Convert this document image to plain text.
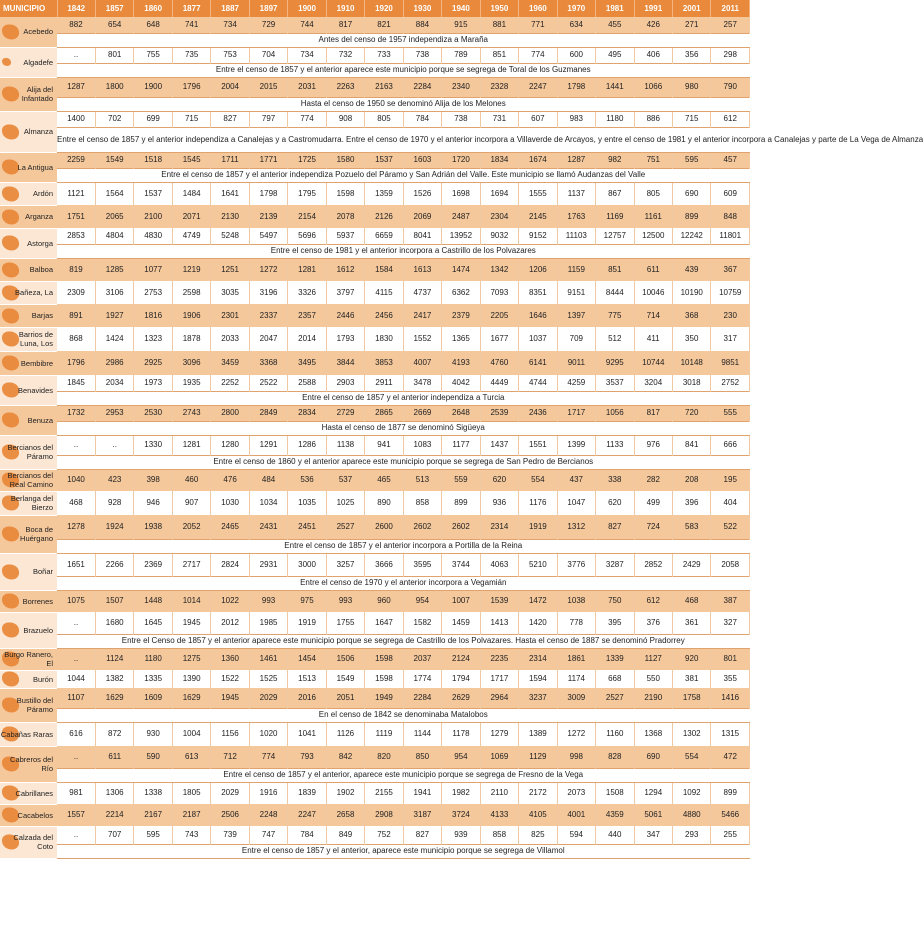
MUNICIPIO	1842	1857	1860	1877	1887	1897	1900	1910	1920	1930	1940	1950	1960	1970	1981	1991	2001	2011

Acebedo	882	654	648	741	734	729	744	817	821	884	915	881	771	634	455	426	271	257
	Antes del censo de 1957 independiza a Maraña																	

Algadefe	..	801	755	735	753	704	734	732	733	738	789	851	774	600	495	406	356	298
	Entre el censo de 1857 y el anterior aparece este municipio porque se segrega de Toral de los Guzmanes																	

Alija del Infantado	1287	1800	1900	1796	2004	2015	2031	2263	2163	2284	2340	2328	2247	1798	1441	1066	980	790
	Hasta el censo de 1950 se denominó Alija de los Melones																	

Almanza	1400	702	699	715	827	797	774	908	805	784	738	731	607	983	1180	886	715	612
	Entre el censo de 1857 y el anterior independiza a Canalejas y a Castromudarra. Entre el censo de 1970 y el anterior incorpora a Villaverde de Arcayos, y entre el censo de 1981 y el anterior incorpora a Canalejas y parte de La Vega de Almanza																	

La Antigua	2259	1549	1518	1545	1711	1771	1725	1580	1537	1603	1720	1834	1674	1287	982	751	595	457
	Entre el censo de 1857 y el anterior independiza Pozuelo del Páramo y San Adrián del Valle. Este municipio se llamó Audanzas del Valle																	

Ardón	1121	1564	1537	1484	1641	1798	1795	1598	1359	1526	1698	1694	1555	1137	867	805	690	609

Arganza	1751	2065	2100	2071	2130	2139	2154	2078	2126	2069	2487	2304	2145	1763	1169	1161	899	848

Astorga	2853	4804	4830	4749	5248	5497	5696	5937	6659	8041	13952	9032	9152	11103	12757	12500	12242	11801
	Entre el censo de 1981 y el anterior incorpora a Castrillo de los Polvazares																	

Balboa	819	1285	1077	1219	1251	1272	1281	1612	1584	1613	1474	1342	1206	1159	851	611	439	367

Bañeza, La	2309	3106	2753	2598	3035	3196	3326	3797	4115	4737	6362	7093	8351	9151	8444	10046	10190	10759

Barjas	891	1927	1816	1906	2301	2337	2357	2446	2456	2417	2379	2205	1646	1397	775	714	368	230

Barrios de Luna, Los	868	1424	1323	1878	2033	2047	2014	1793	1830	1552	1365	1677	1037	709	512	411	350	317

Bembibre	1796	2986	2925	3096	3459	3368	3495	3844	3853	4007	4193	4760	6141	9011	9295	10744	10148	9851

Benavides	1845	2034	1973	1935	2252	2522	2588	2903	2911	3478	4042	4449	4744	4259	3537	3204	3018	2752
	Entre el censo de 1857 y el anterior independiza a Turcia																	

Benuza	1732	2953	2530	2743	2800	2849	2834	2729	2865	2669	2648	2539	2436	1717	1056	817	720	555
	Hasta el censo de 1877 se denominó Sigüeya																	

Bercianos del Páramo	..	..	1330	1281	1280	1291	1286	1138	941	1083	1177	1437	1551	1399	1133	976	841	666
	Entre el censo de 1860 y el anterior aparece este municipio porque se segrega de San Pedro de Bercianos																	

Bercianos del Real Camino	1040	423	398	460	476	484	536	537	465	513	559	620	554	437	338	282	208	195

Berlanga del Bierzo	468	928	946	907	1030	1034	1035	1025	890	858	899	936	1176	1047	620	499	396	404

Boca de Huérgano	1278	1924	1938	2052	2465	2431	2451	2527	2600	2602	2602	2314	1919	1312	827	724	583	522
	Entre el censo de 1857 y el anterior incorpora a Portilla de la Reina																	

Boñar	1651	2266	2369	2717	2824	2931	3000	3257	3666	3595	3744	4063	5210	3776	3287	2852	2429	2058
	Entre el censo de 1970 y el anterior incorpora a Vegamián																	

Borrenes	1075	1507	1448	1014	1022	993	975	993	960	954	1007	1539	1472	1038	750	612	468	387

Brazuelo	..	1680	1645	1945	2012	1985	1919	1755	1647	1582	1459	1413	1420	778	395	376	361	327
	Entre el Censo de 1857 y el anterior aparece este municipio porque se segrega de Castrillo de los Polvazares. Hasta el censo de 1887 se denominó Pradorrey																	

Burgo Ranero, El	..	1124	1180	1275	1360	1461	1454	1506	1598	2037	2124	2235	2314	1861	1339	1127	920	801

Burón	1044	1382	1335	1390	1522	1525	1513	1549	1598	1774	1794	1717	1594	1174	668	550	381	355

Bustillo del Páramo	1107	1629	1609	1629	1945	2029	2016	2051	1949	2284	2629	2964	3237	3009	2527	2190	1758	1416
	En el censo de 1842 se denominaba Matalobos																	

Cabañas Raras	616	872	930	1004	1156	1020	1041	1126	1119	1144	1178	1279	1389	1272	1160	1368	1302	1315

Cabreros del Río	..	611	590	613	712	774	793	842	820	850	954	1069	1129	998	828	690	554	472
	Entre el censo de 1857 y el anterior, aparece este municipio porque se segrega de Fresno de la Vega																	

Cabrillanes	981	1306	1338	1805	2029	1916	1839	1902	2155	1941	1982	2110	2172	2073	1508	1294	1092	899

Cacabelos	1557	2214	2167	2187	2506	2248	2247	2658	2908	3187	3724	4133	4105	4001	4359	5061	4880	5466

Calzada del Coto	..	707	595	743	739	747	784	849	752	827	939	858	825	594	440	347	293	255
	Entre el censo de 1857 y el anterior, aparece este municipio porque se segrega de Villamol																	
